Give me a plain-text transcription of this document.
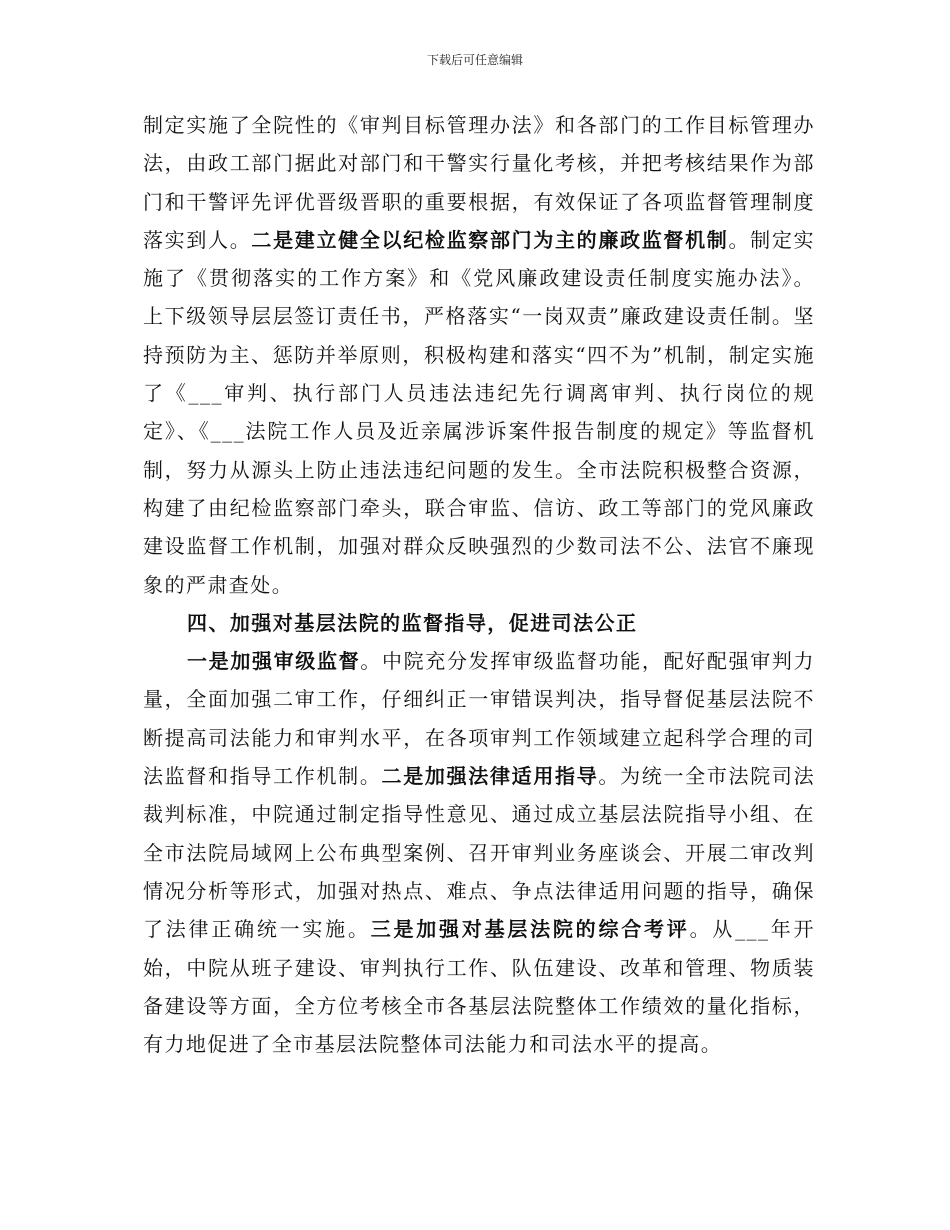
下载后可任意编辑

制定实施了全院性的《审判目标管理办法》和各部门的工作目标管理办法，由政工部门据此对部门和干警实行量化考核，并把考核结果作为部门和干警评先评优晋级晋职的重要根据，有效保证了各项监督管理制度落实到人。二是建立健全以纪检监察部门为主的廉政监督机制。制定实施了《贯彻落实的工作方案》和《党风廉政建设责任制度实施办法》。上下级领导层层签订责任书，严格落实“一岗双责”廉政建设责任制。坚持预防为主、惩防并举原则，积极构建和落实“四不为”机制，制定实施了《___审判、执行部门人员违法违纪先行调离审判、执行岗位的规定》、《___法院工作人员及近亲属涉诉案件报告制度的规定》等监督机制，努力从源头上防止违法违纪问题的发生。全市法院积极整合资源，构建了由纪检监察部门牵头，联合审监、信访、政工等部门的党风廉政建设监督工作机制，加强对群众反映强烈的少数司法不公、法官不廉现象的严肃查处。

四、加强对基层法院的监督指导，促进司法公正

一是加强审级监督。中院充分发挥审级监督功能，配好配强审判力量，全面加强二审工作，仔细纠正一审错误判决，指导督促基层法院不断提高司法能力和审判水平，在各项审判工作领域建立起科学合理的司法监督和指导工作机制。二是加强法律适用指导。为统一全市法院司法裁判标准，中院通过制定指导性意见、通过成立基层法院指导小组、在全市法院局域网上公布典型案例、召开审判业务座谈会、开展二审改判情况分析等形式，加强对热点、难点、争点法律适用问题的指导，确保了法律正确统一实施。三是加强对基层法院的综合考评。从___年开始，中院从班子建设、审判执行工作、队伍建设、改革和管理、物质装备建设等方面，全方位考核全市各基层法院整体工作绩效的量化指标，有力地促进了全市基层法院整体司法能力和司法水平的提高。
